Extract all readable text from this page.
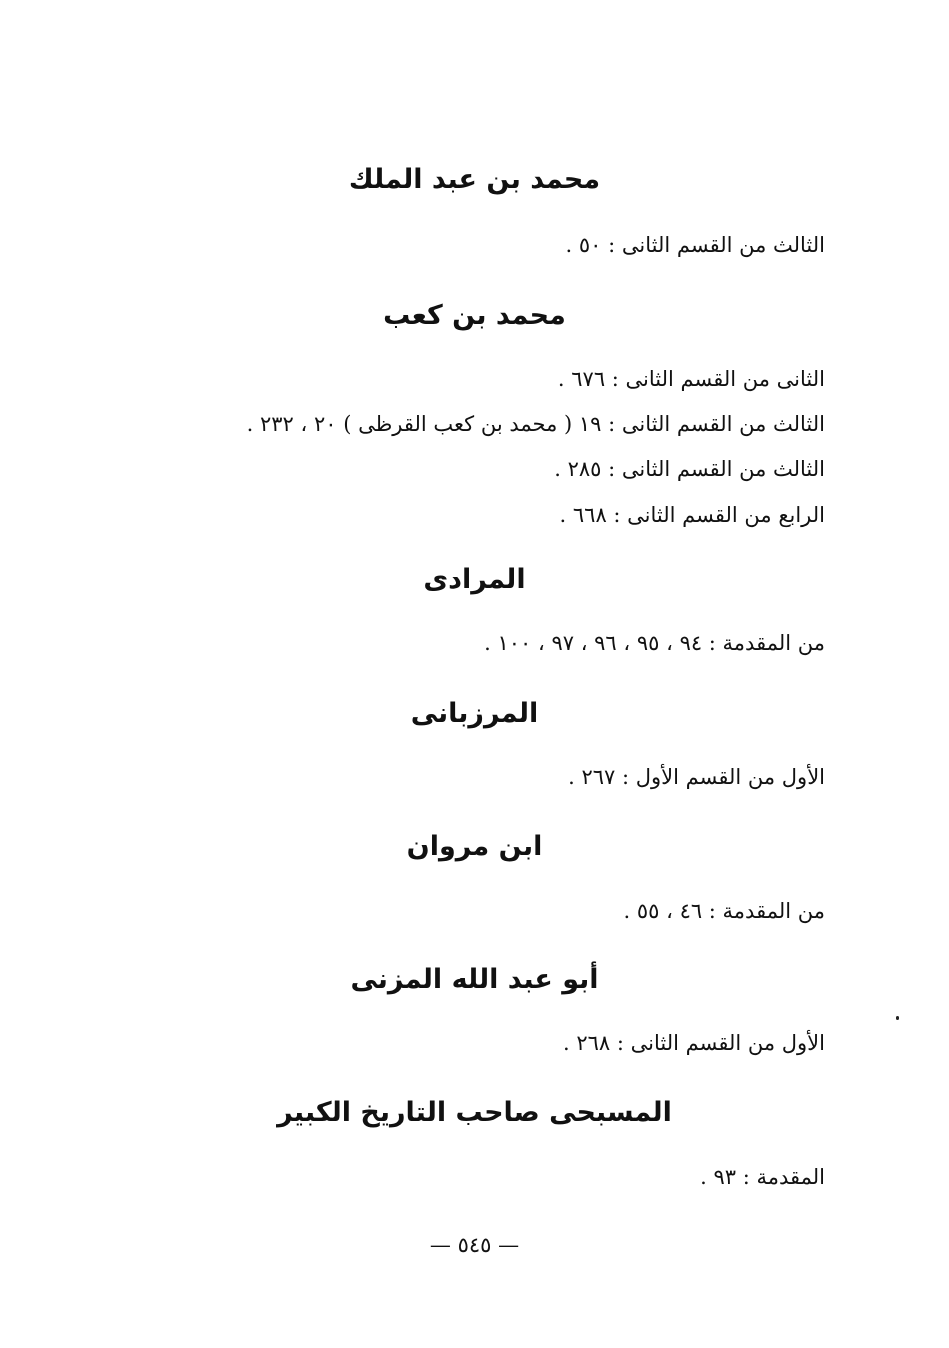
محمد بن عبد الملك
الثالث من القسم الثانى : ٥٠ .
محمد بن كعب
الثانى من القسم الثانى : ٦٧٦ .
الثالث من القسم الثانى : ١٩ ( محمد بن كعب القرظى ) ٢٠ ، ٢٣٢ .
الثالث من القسم الثانى : ٢٨٥ .
الرابع من القسم الثانى : ٦٦٨ .
المرادى
من المقدمة : ٩٤ ، ٩٥ ، ٩٦ ، ٩٧ ، ١٠٠ .
المرزبانى
الأول من القسم الأول : ٢٦٧ .
ابن مروان
من المقدمة : ٤٦ ، ٥٥ .
أبو عبد الله المزنى
الأول من القسم الثانى : ٢٦٨ .
المسبحى صاحب التاريخ الكبير
المقدمة : ٩٣ .
— ٥٤٥ —
